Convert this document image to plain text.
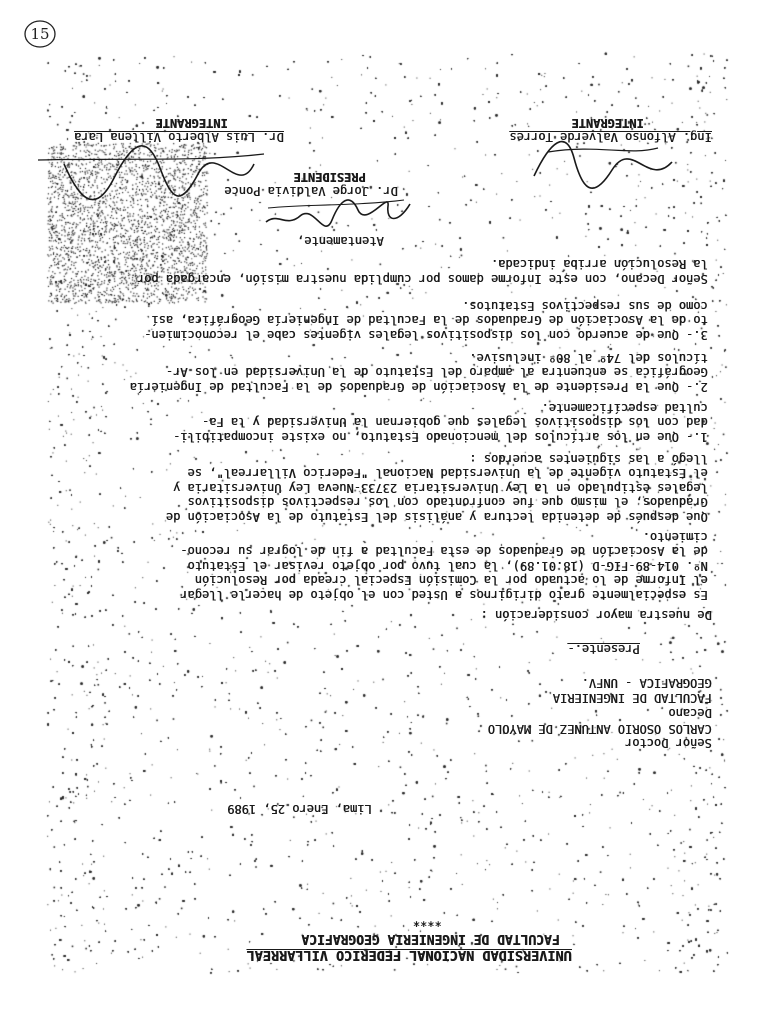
UNIVERSIDAD NACIONAL FEDERICO VILLARREAL
FACULTAD DE INGENIERIA GEOGRAFICA
****
Lima, Enero 25, 1989
Señor Doctor
CARLOS OSORIO ANTUNEZ DE MAYOLO
Decano
FACULTAD DE INGENIERIA
GEOGRAFICA - UNFV.
Presente.-
De nuestra mayor consideración :
Es especialmente grato dirigirnos a Usted con el objeto de hacerle llegar
el Informe de lo actuado por la Comisión Especial creada por Resolución
Nº. 014-89-FIG-D (18.01.89), la cual tuvo por objeto revisar el Estatuto
de la Asociación de Graduados de esta Facultad a fin de lograr su recono-
cimiento.
Que después de detenida lectura y análisis del Estatuto de la Asociación de
Graduados, el mismo que fue confrontado con los respectivos dispositivos
legales estipulado en la Ley Universitaria 23733-Nueva Ley Universitaria y
el Estatuto vigente de la Universidad Nacional "Federico Villarreal", se
llegó a las siguientes acuerdos :
1.- Que en los artículos del mencionado Estatuto, no existe incompatibili-
dad con los dispositivos legales que gobiernan la Universidad y la Fa-
cultad específicamente.
2.- Que la Presidente de la Asociación de Graduados de la Facultad de Ingeniería
Geográfica se encuentra al amparo del Estatuto de la Universidad en los Ar-
tículos del 74º al 80º inclusive.
3.- Que de acuerdo con los dispositivos legales vigentes cabe el reconocimien-
to de la Asociación de Graduados de la Facultad de Ingeniería Geográfica, así
como de sus respectivos Estatutos.
Señor Decano, con este Informe damos por cumplida nuestra misión, encargada por
la Resolución arriba indicada.
Atentamente,
Dr. Jorge Valdivia Ponce
PRESIDENTE
Ing. Alfonso Valverde Torres
INTEGRANTE
Dr. Luis Alberto Villena Lara
INTEGRANTE
